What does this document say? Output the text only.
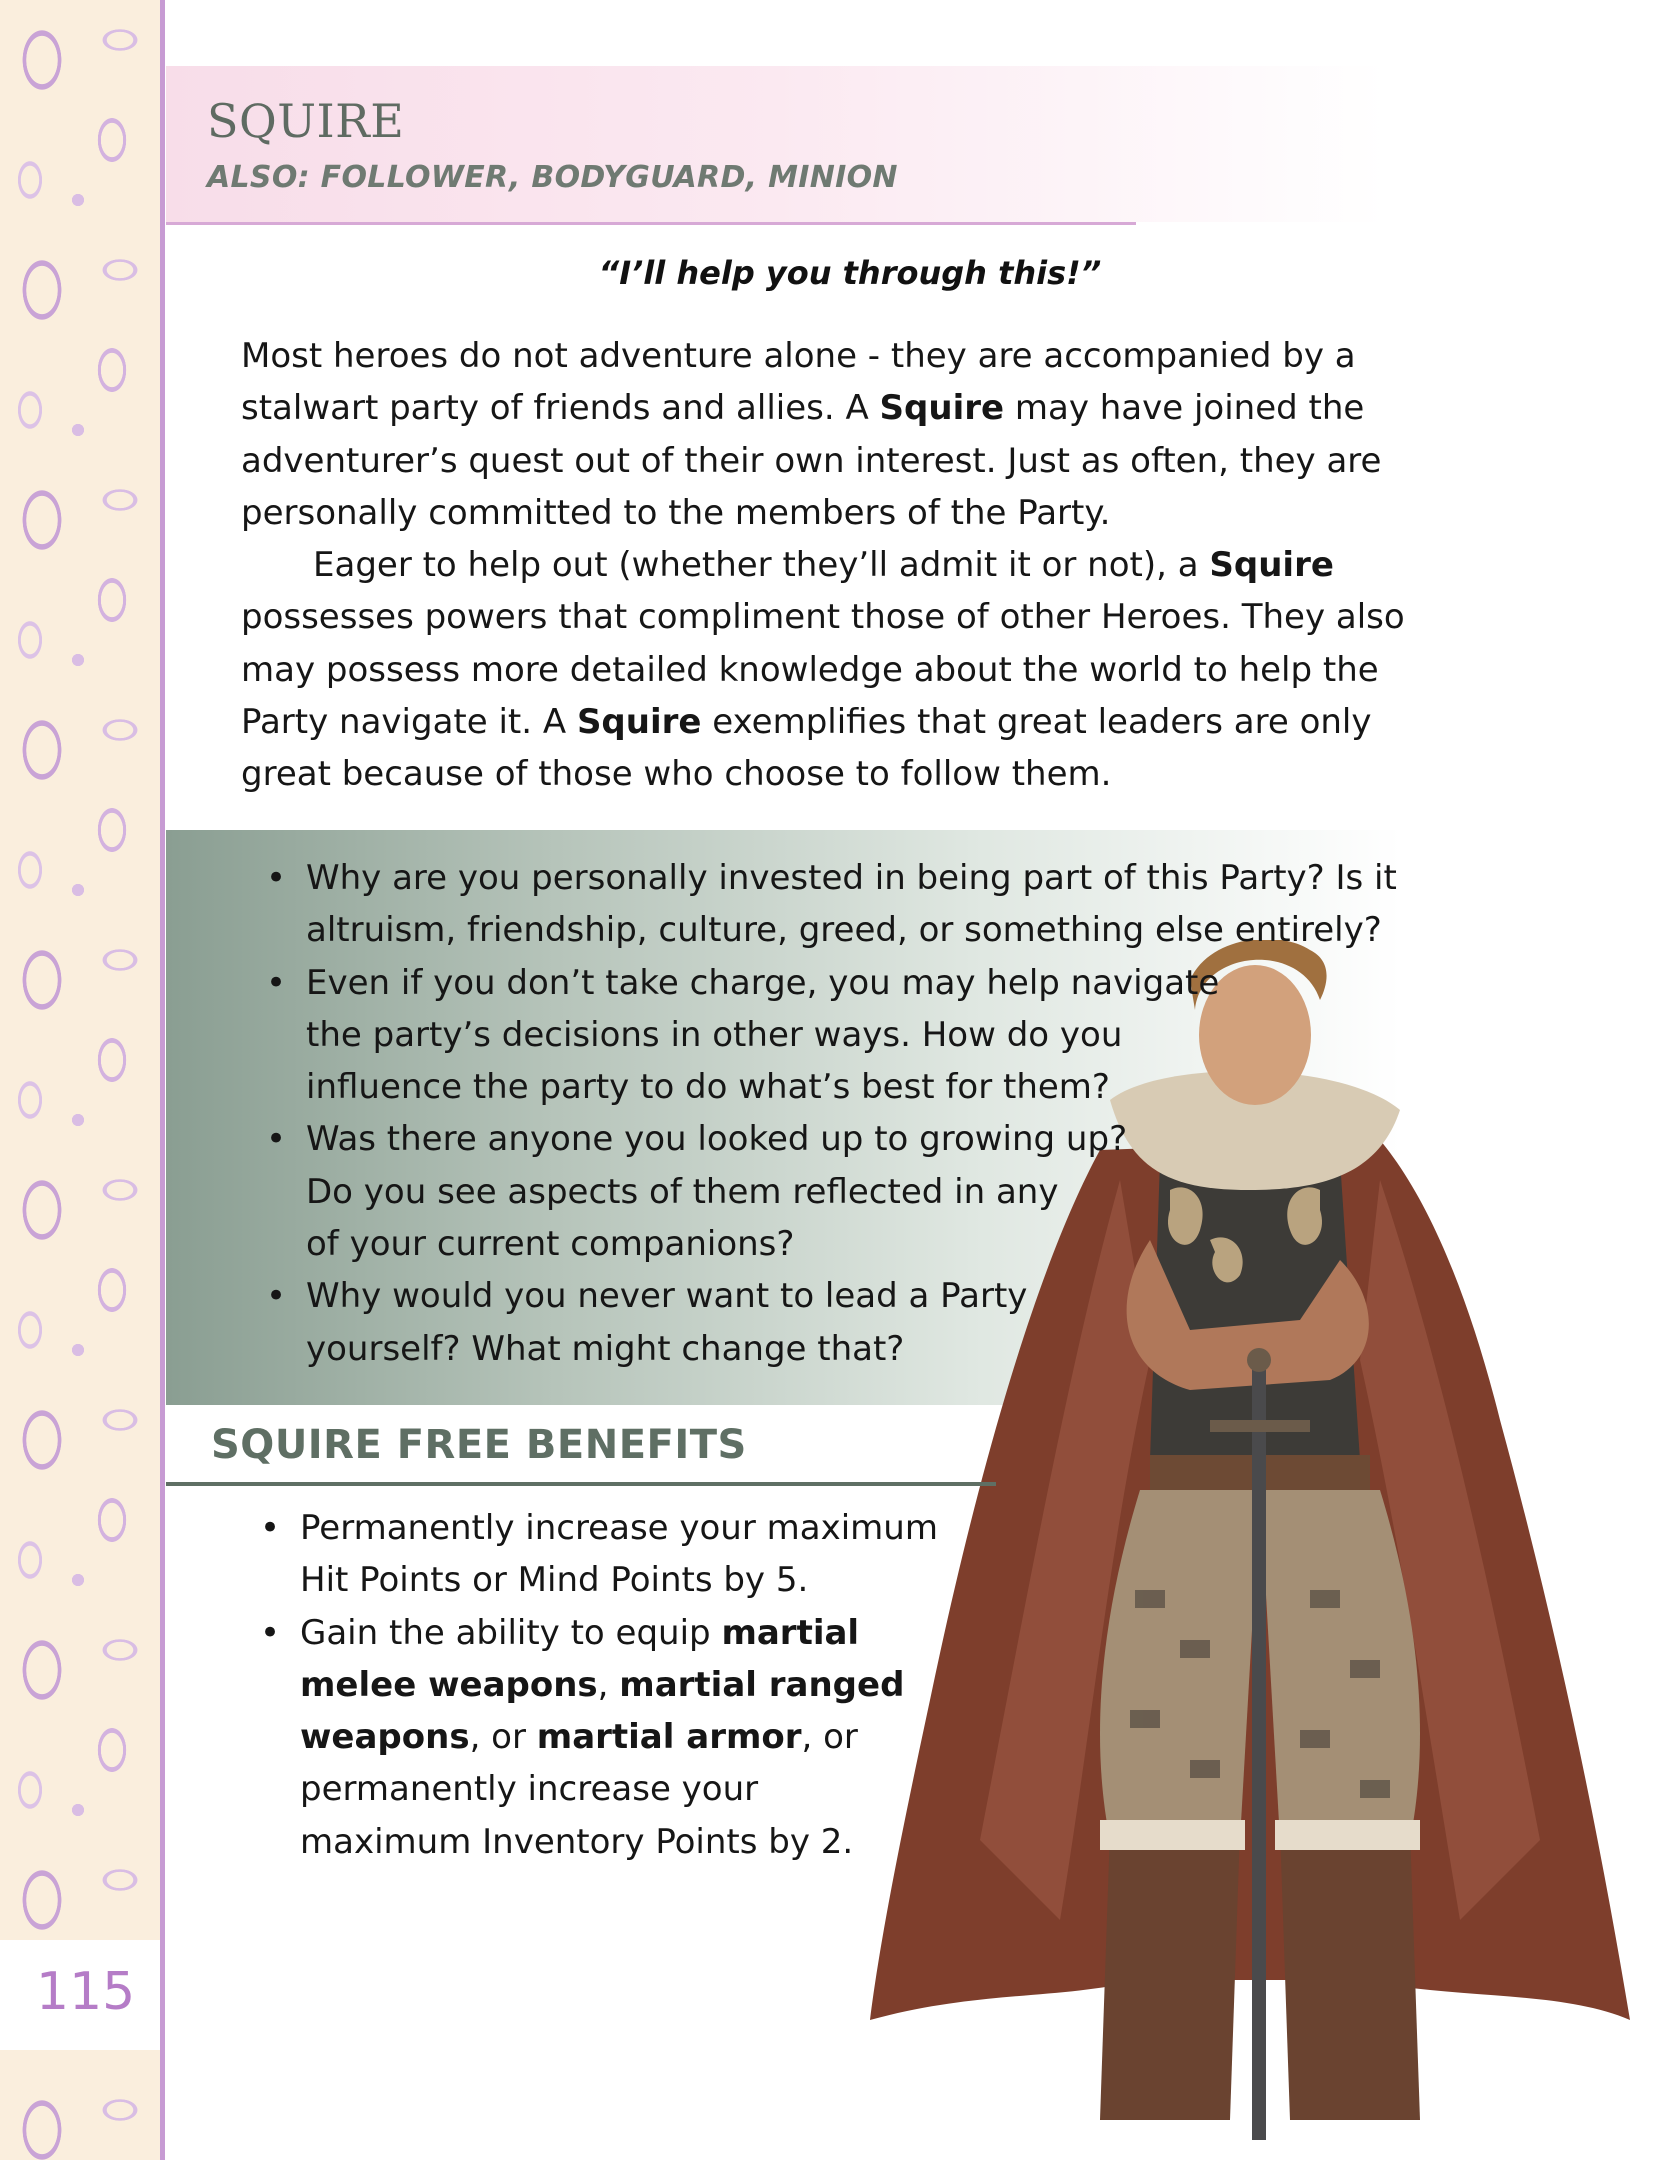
115
SQUIRE
ALSO: FOLLOWER, BODYGUARD, MINION
“I’ll help you through this!”

Most heroes do not adventure alone - they are accompanied by a stalwart party of friends and allies. A Squire may have joined the adventurer’s quest out of their own interest. Just as often, they are personally committed to the members of the Party.

Eager to help out (whether they’ll admit it or not), a Squire possesses powers that compliment those of other Heroes. They also may possess more detailed knowledge about the world to help the Party navigate it. A Squire exemplifies that great leaders are only great because of those who choose to follow them.

• Why are you personally invested in being part of this Party? Is it
altruism, friendship, culture, greed, or something else entirely?
• Even if you don’t take charge, you may help navigate
the party’s decisions in other ways. How do you
influence the party to do what’s best for them?
• Was there anyone you looked up to growing up?
Do you see aspects of them reflected in any
of your current companions?
• Why would you never want to lead a Party
yourself? What might change that?
SQUIRE FREE BENEFITS
• Permanently increase your maximum
Hit Points or Mind Points by 5.
• Gain the ability to equip martial
melee weapons, martial ranged
weapons, or martial armor, or
permanently increase your
maximum Inventory Points by 2.
